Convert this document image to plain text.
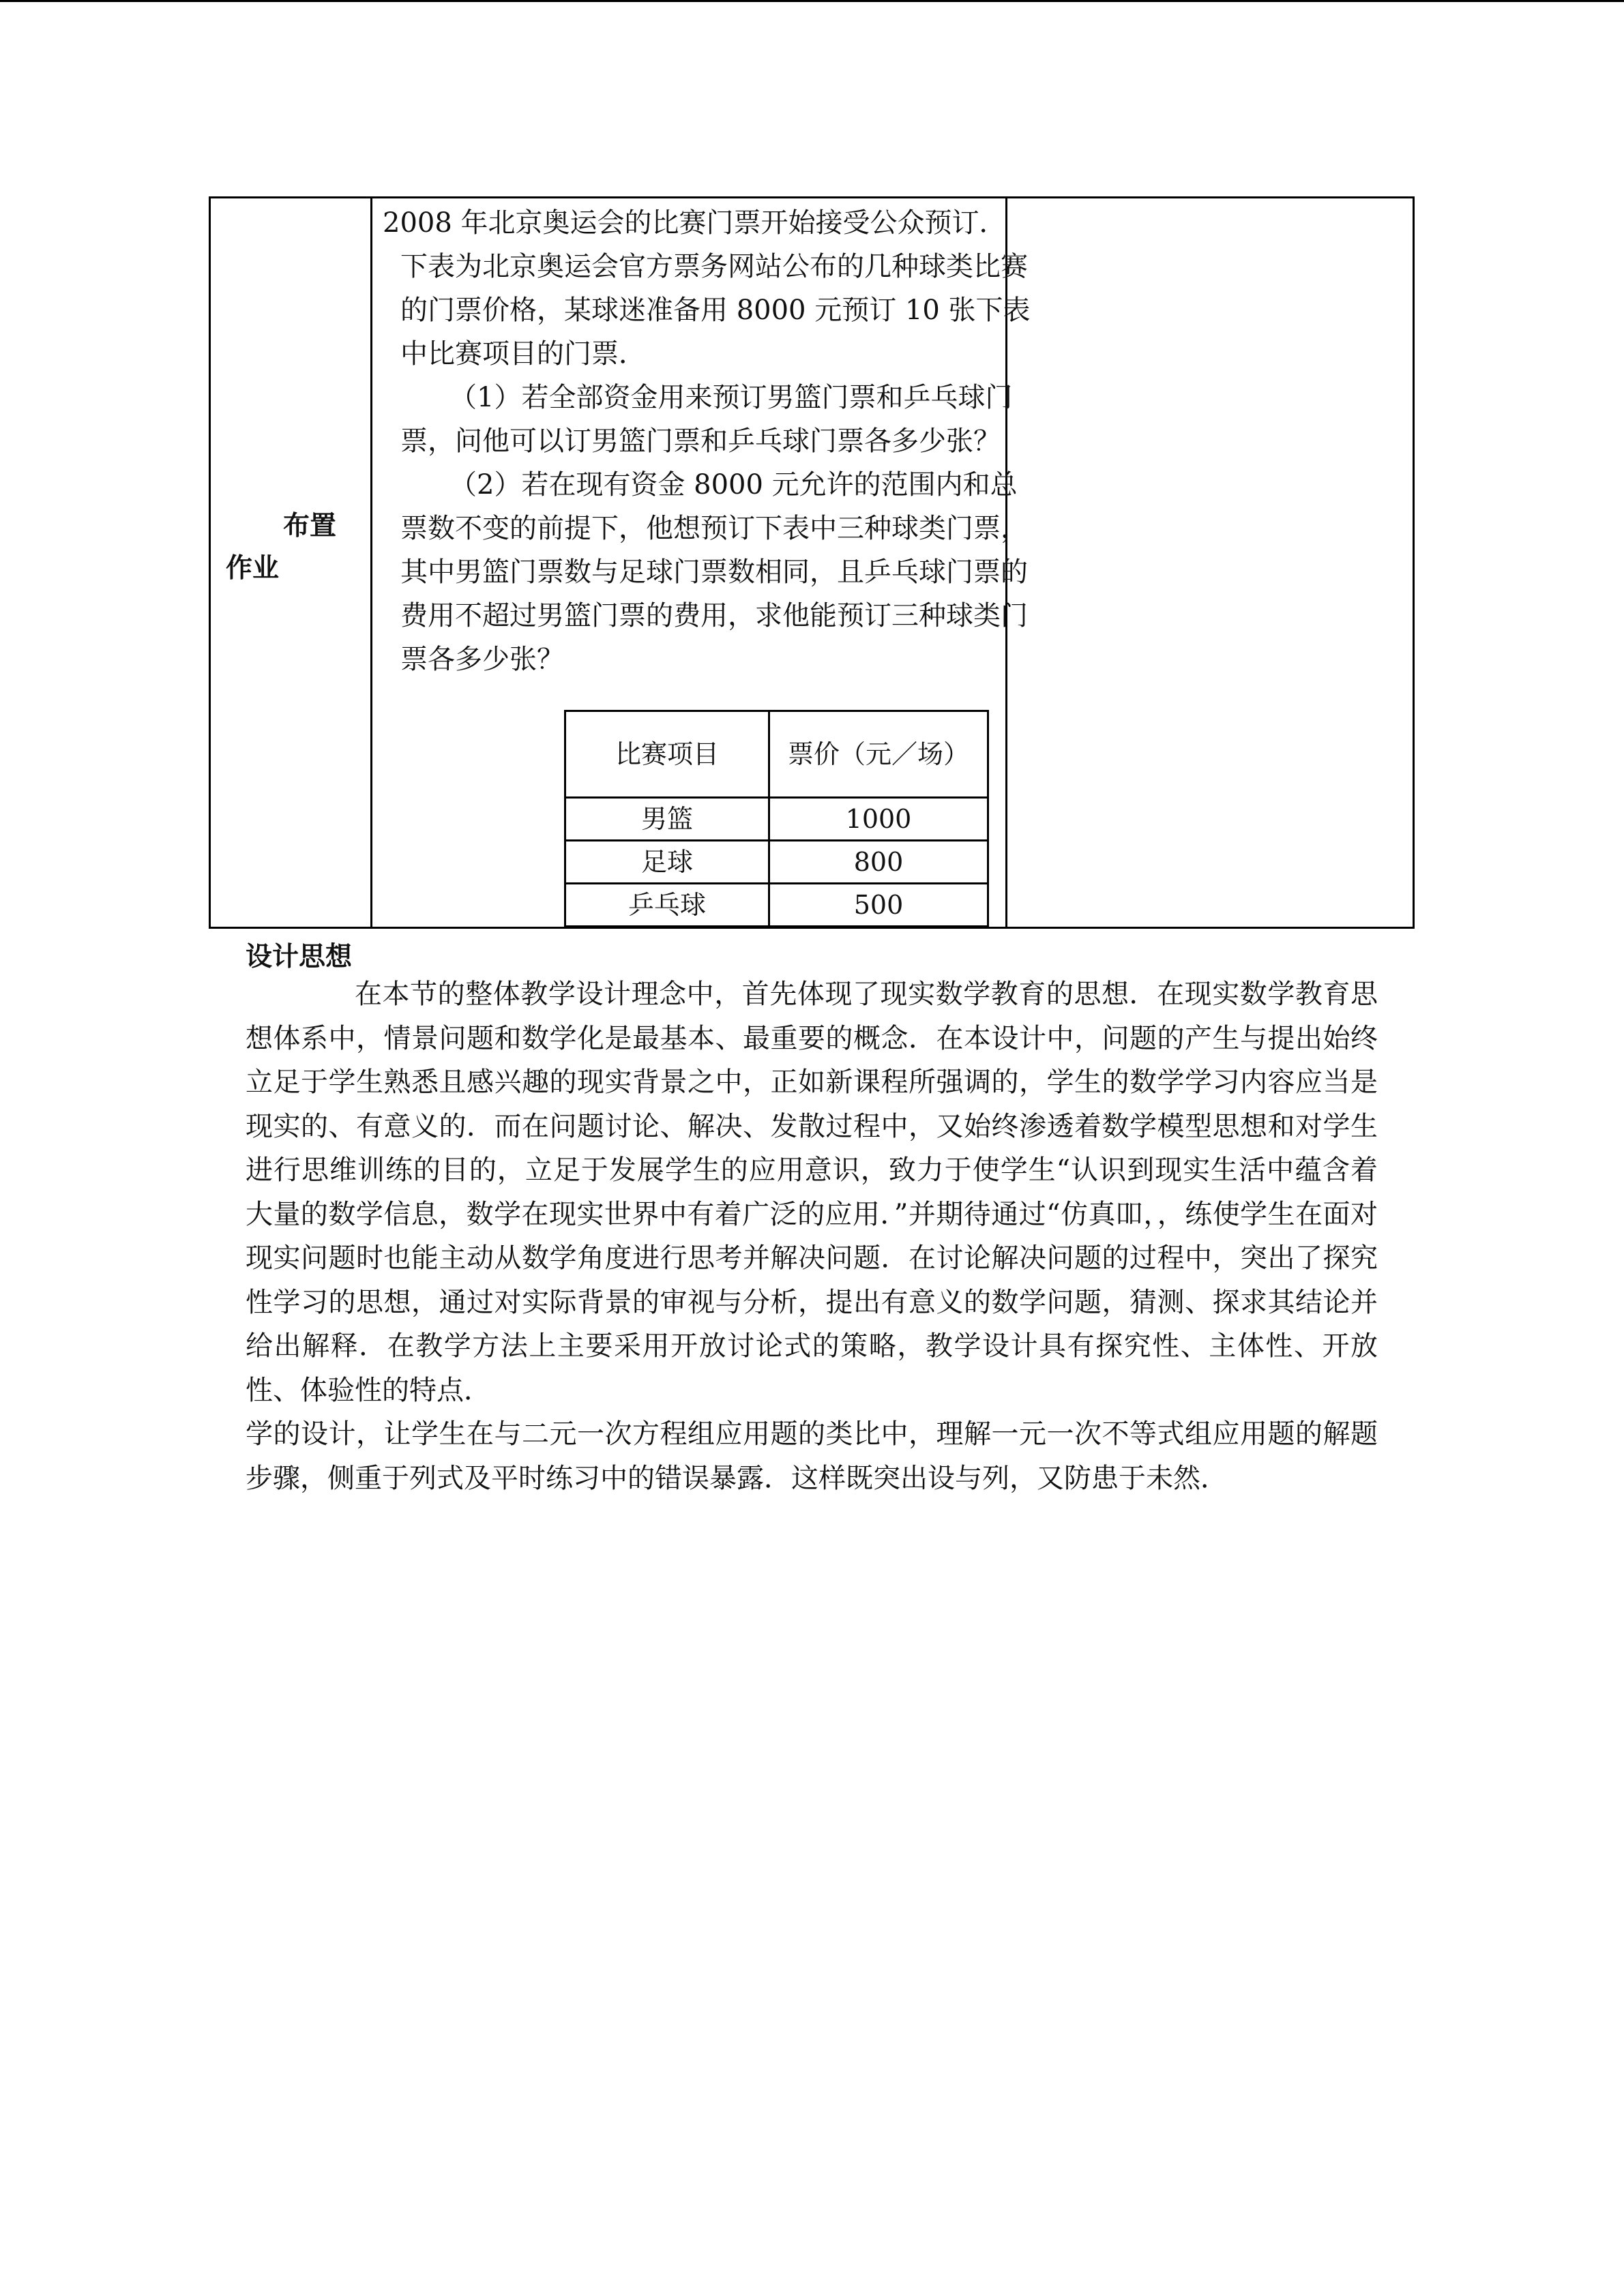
布置
作业

2008 年北京奥运会的比赛门票开始接受公众预订．下表为北京奥运会官方票务网站公布的几种球类比赛的门票价格，某球迷准备用 8000 元预订 10 张下表中比赛项目的门票．

（1）若全部资金用来预订男篮门票和乒乓球门票，问他可以订男篮门票和乒乓球门票各多少张？

（2）若在现有资金 8000 元允许的范围内和总票数不变的前提下，他想预订下表中三种球类门票，其中男篮门票数与足球门票数相同，且乒乓球门票的费用不超过男篮门票的费用，求他能预订三种球类门票各多少张？

比赛项目	票价（元／场）
男篮	1000
足球	800
乒乓球	500
设计思想

在本节的整体教学设计理念中，首先体现了现实数学教育的思想．在现实数学教育思想体系中，情景问题和数学化是最基本、最重要的概念．在本设计中，问题的产生与提出始终立足于学生熟悉且感兴趣的现实背景之中，正如新课程所强调的，学生的数学学习内容应当是现实的、有意义的．而在问题讨论、解决、发散过程中，又始终渗透着数学模型思想和对学生进行思维训练的目的，立足于发展学生的应用意识，致力于使学生“认识到现实生活中蕴含着大量的数学信息，数学在现实世界中有着广泛的应用．”并期待通过“仿真吅，，练使学生在面对现实问题时也能主动从数学角度进行思考并解决问题．在讨论解决问题的过程中，突出了探究性学习的思想，通过对实际背景的审视与分析，提出有意义的数学问题，猜测、探求其结论并给出解释．在教学方法上主要采用开放讨论式的策略，教学设计具有探究性、主体性、开放性、体验性的特点．

学的设计，让学生在与二元一次方程组应用题的类比中，理解一元一次不等式组应用题的解题步骤，侧重于列式及平时练习中的错误暴露．这样既突出设与列，又防患于未然．
